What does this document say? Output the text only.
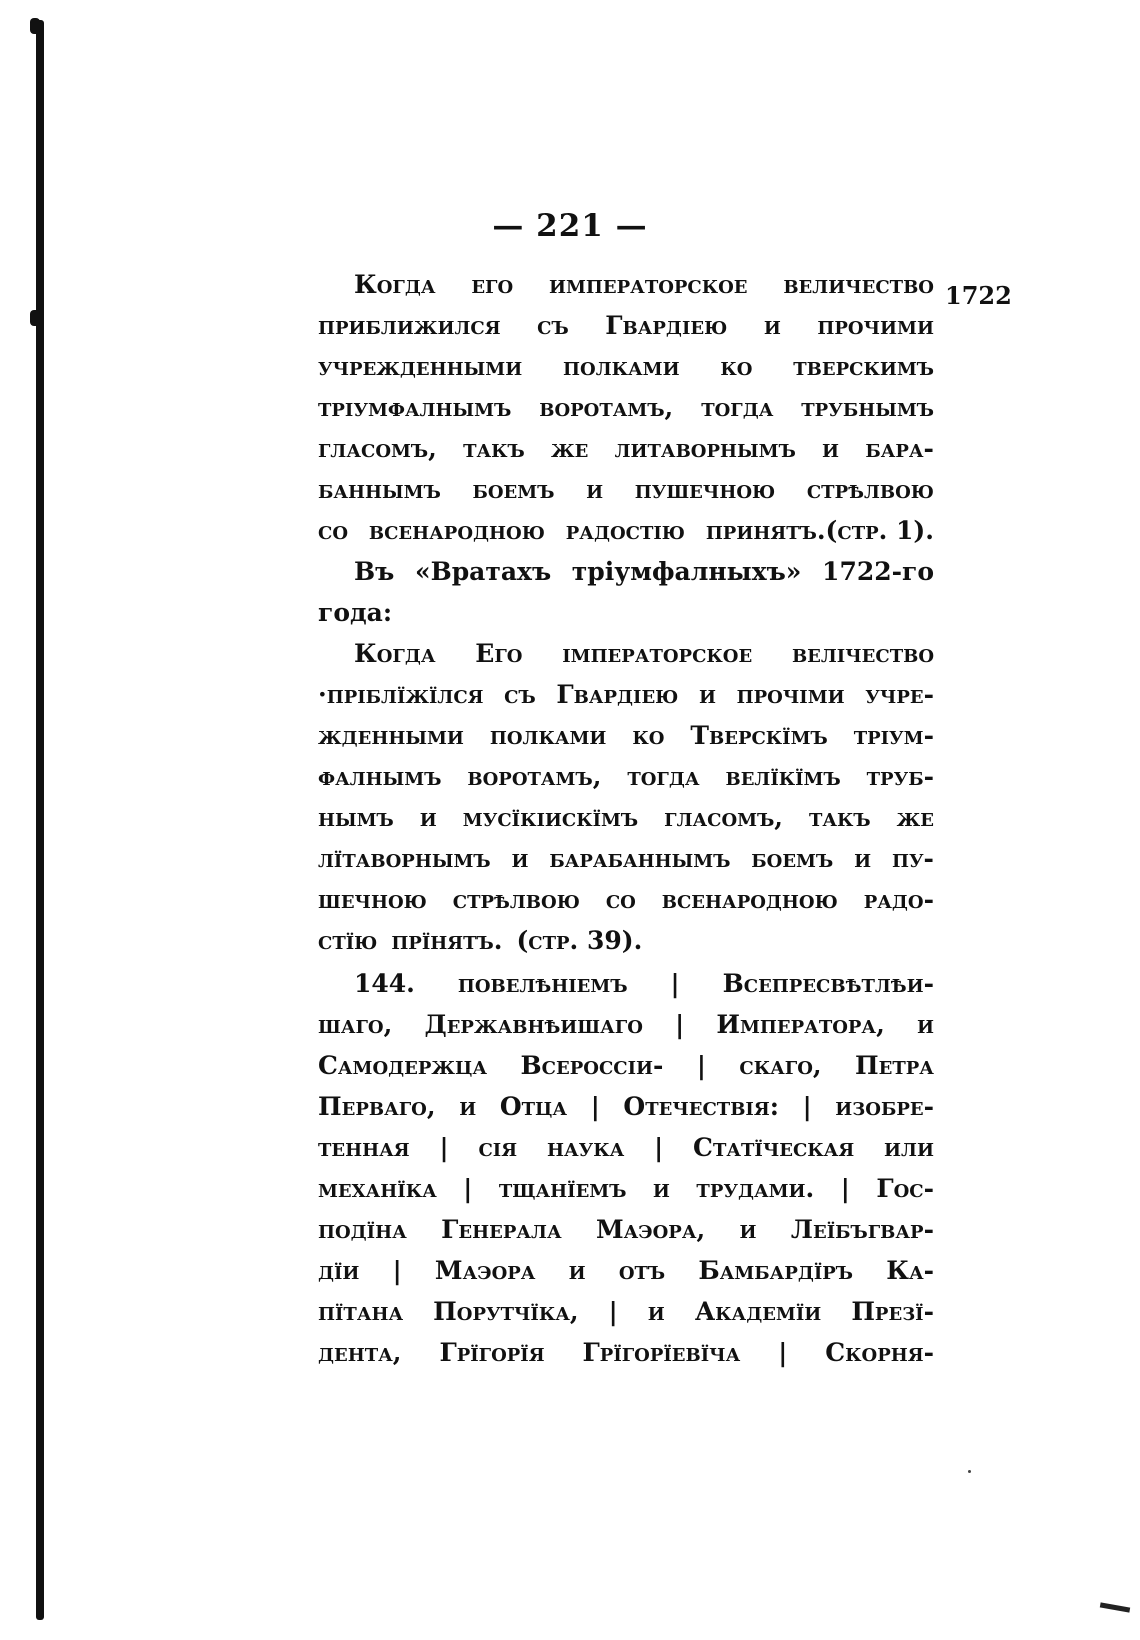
— 221 —
1722
Когда его императорское величество
приближился съ Гвардіею и прочими
учрежденными полками ко тверскимъ
тріумфалнымъ воротамъ, тогда трубнымъ
гласомъ, такъ же литаворнымъ и бара-
баннымъ боемъ и пушечною стрѣлвою
со всенародною радостію принятъ.(стр. 1).
Въ «Вратахъ тріумфалныхъ» 1722-го
года:
Когда Его імператорское велічество
·пріблїжїлся съ Гвардіею и прочіми учре-
жденными полками ко Тверскїмъ тріум-
фалнымъ воротамъ, тогда велїкїмъ труб-
нымъ и мусїкіискїмъ гласомъ, такъ же
лїтаворнымъ и барабаннымъ боемъ и пу-
шечною стрѣлвою со всенародною радо-
стїю прїнятъ. (стр. 39).
144. повелѣніемъ | Всепресвѣтлѣи-
шаго, Державнѣишаго | Императора, и
Самодержца Всероссіи- | скаго, Петра
Перваго, и Отца | Отечествія: | изобре-
тенная | сія наука | Статїческая или
механїка | тщанїемъ и трудами. | Гос-
подїна Генерала Маэора, и Леїбъгвар-
дїи | Маэора и отъ Бамбардїръ Ка-
пїтана Порутчїка, | и Академїи Презї-
дента, Грїгорїя Грїгорїевїча | Скорня-
